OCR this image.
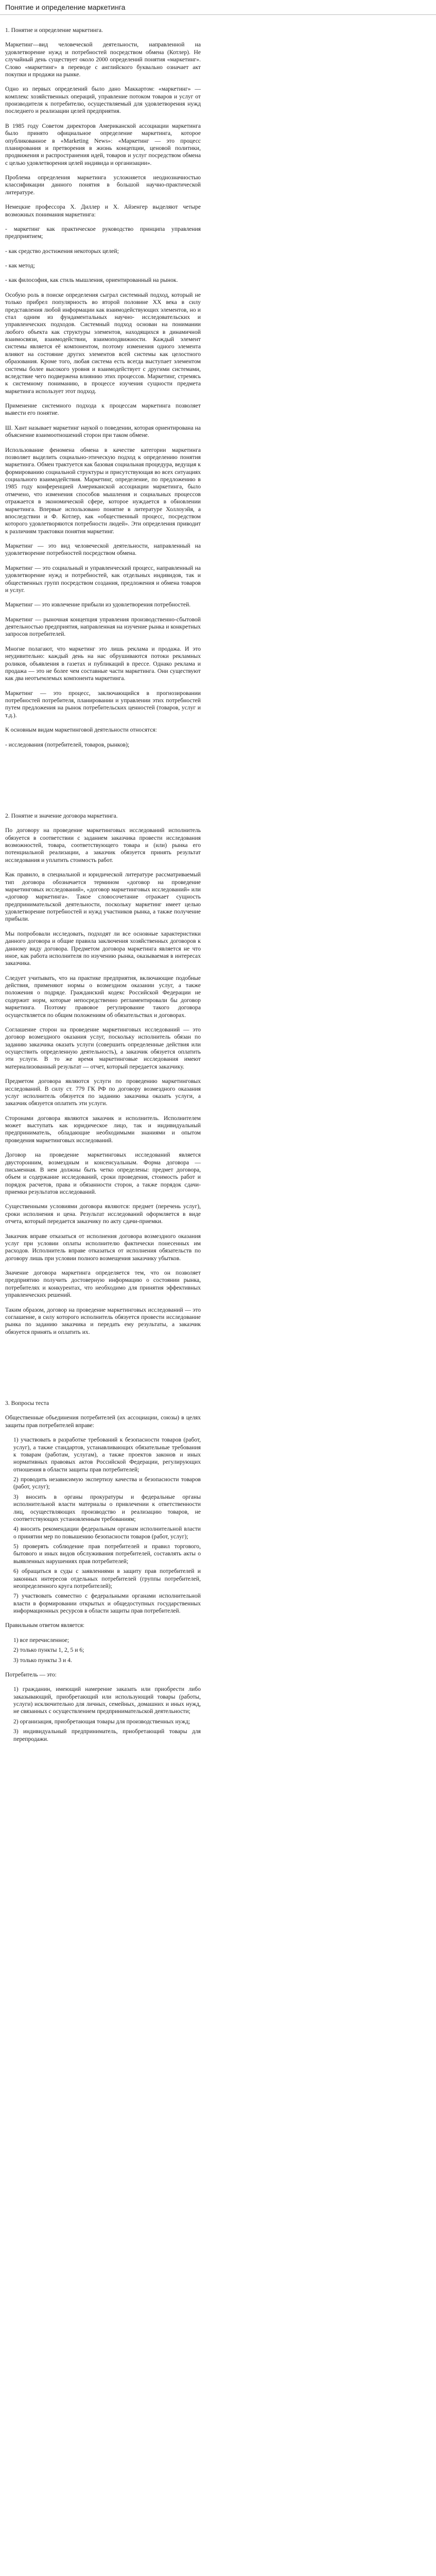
Понятие и определение маркетинга
1. Понятие и определение маркетинга.

Маркетинг—вид человеческой деятельности, направленной на удовлетворение нужд и потребностей посредством обмена (Котлер). Не случайный день существует около 2000 определений понятия «маркетинг». Слово «маркетинг» в переводе с английского буквально означает акт покупки и продажи на рынке.

Одно из первых определений было дано Маккартом: «маркетинг» — комплекс хозяйственных операций, управление потоком товаров и услуг от производителя к потребителю, осуществляемый для удовлетворения нужд последнего и реализации целей предприятия.

В 1985 году Советом директоров Американской ассоциации маркетинга было принято официальное определение маркетинга, которое опубликованное в «Marketing News»: «Маркетинг — это процесс планирования и претворения в жизнь концепции, ценовой политики, продвижения и распространения идей, товаров и услуг посредством обмена с целью удовлетворения целей индивида и организации».

Проблема определения маркетинга усложняется неоднозначностью классификации данного понятия в большой научно-практической литературе.

Немецкие профессора Х. Диллер и Х. Айзенгер выделяют четыре возможных понимания маркетинга:

- маркетинг как практическое руководство принципа управления предприятием;

- как средство достижения некоторых целей;

- как метод;

- как философия, как стиль мышления, ориентированный на рынок.

Особую роль в поиске определения сыграл системный подход, который не только прибрел популярность во второй половине XX века в силу представления любой информации как взаимодействующих элементов, но и стал одним из фундаментальных научно- исследовательских и управленческих подходов. Системный подход основан на понимании любого объекта как структуры элементов, находящихся в динамичной взаимосвязи, взаимодействии, взаимоподвижности. Каждый элемент системы является её компонентом, поэтому изменения одного элемента влияют на состояние других элементов всей системы как целостного образования. Кроме того, любая система есть всегда выступает элементом системы более высокого уровня и взаимодействует с другими системами, вследствие чего подвержена влиянию этих процессов. Маркетинг, стремясь к системному пониманию, в процессе изучения сущности предмета маркетинга использует этот подход.

Применение системного подхода к процессам маркетинга позволяет вывести его понятие.

Ш. Хант называет маркетинг наукой о поведении, которая ориентирована на объяснение взаимоотношений сторон при таком обмене.

Использование феномена обмена в качестве категории маркетинга позволяет выделить социально-этическую подход к определению понятия маркетинга. Обмен трактуется как базовая социальная процедура, ведущая к формированию социальной структуры и присутствующая во всех ситуациях социального взаимодействия. Маркетинг, определение, по предложению в 1985 году конференцией Американской ассоциации маркетинга, было отмечено, что изменения способов мышления и социальных процессов отражается в экономической сфере, которое нуждается в обновлении маркетинга. Впервые использовано понятие в литературе Холлоуэйя, а впоследствии и Ф. Котлер, как «общественный процесс, посредством которого удовлетворяются потребности людей». Эти определения приводит к различиям трактовки понятия маркетинг.

Маркетинг — это вид человеческой деятельности, направленный на удовлетворение потребностей посредством обмена.

Маркетинг — это социальный и управленческий процесс, направленный на удовлетворение нужд и потребностей, как отдельных индивидов, так и общественных групп посредством создания, предложения и обмена товаров и услуг.

Маркетинг — это извлечение прибыли из удовлетворения потребностей.

Маркетинг — рыночная концепция управления производственно-сбытовой деятельностью предприятия, направленная на изучение рынка и конкретных запросов потребителей.

Многие полагают, что маркетинг это лишь реклама и продажа. И это неудивительно: каждый день на нас обрушиваются потоки рекламных роликов, объявления в газетах и публикаций в прессе. Однако реклама и продажа — это не более чем составные части маркетинга. Они существуют как два неотъемлемых компонента маркетинга.

Маркетинг — это процесс, заключающийся в прогнозировании потребностей потребителя, планировании и управлении этих потребностей путем предложения на рынок потребительских ценностей (товаров, услуг и т.д.).

К основным видам маркетинговой деятельности относятся:

- исследования (потребителей, товаров, рынков);

2. Понятие и значение договора маркетинга.

По договору на проведение маркетинговых исследований исполнитель обязуется в соответствии с заданием заказчика провести исследования возможностей, товара, соответствующего товара и (или) рынка его потенциальной реализации, а заказчик обязуется принять результат исследования и уплатить стоимость работ.

Как правило, в специальной и юридической литературе рассматриваемый тип договора обозначается термином «договор на проведение маркетинговых исследований», «договор маркетинговых исследований» или «договор маркетинга». Такое словосочетание отражает сущность предпринимательской деятельности, поскольку маркетинг имеет целью удовлетворение потребностей и нужд участников рынка, а также получение прибыли.

Мы попробовали исследовать, подходят ли все основные характеристики данного договора и общие правила заключения хозяйственных договоров к данному виду договора. Предметом договора маркетинга является не что иное, как работа исполнителя по изучению рынка, оказываемая в интересах заказчика.

Следует учитывать, что на практике предприятия, включающие подобные действия, применяют нормы о возмездном оказании услуг, а также положения о подряде. Гражданский кодекс Российской Федерации не содержит норм, которые непосредственно регламентировали бы договор маркетинга. Поэтому правовое регулирование такого договора осуществляется по общим положениям об обязательствах и договорах.

Соглашение сторон на проведение маркетинговых исследований — это договор возмездного оказания услуг, поскольку исполнитель обязан по заданию заказчика оказать услуги (совершить определенные действия или осуществить определенную деятельность), а заказчик обязуется оплатить эти услуги. В то же время маркетинговые исследования имеют материализованный результат — отчет, который передается заказчику.

Предметом договора являются услуги по проведению маркетинговых исследований. В силу ст. 779 ГК РФ по договору возмездного оказания услуг исполнитель обязуется по заданию заказчика оказать услуги, а заказчик обязуется оплатить эти услуги.

Сторонами договора являются заказчик и исполнитель. Исполнителем может выступать как юридическое лицо, так и индивидуальный предприниматель, обладающие необходимыми знаниями и опытом проведения маркетинговых исследований.

Договор на проведение маркетинговых исследований является двусторонним, возмездным и консенсуальным. Форма договора — письменная. В нем должны быть четко определены: предмет договора, объем и содержание исследований, сроки проведения, стоимость работ и порядок расчетов, права и обязанности сторон, а также порядок сдачи-приемки результатов исследований.

Существенными условиями договора являются: предмет (перечень услуг), сроки исполнения и цена. Результат исследований оформляется в виде отчета, который передается заказчику по акту сдачи-приемки.

Заказчик вправе отказаться от исполнения договора возмездного оказания услуг при условии оплаты исполнителю фактически понесенных им расходов. Исполнитель вправе отказаться от исполнения обязательств по договору лишь при условии полного возмещения заказчику убытков.

Значение договора маркетинга определяется тем, что он позволяет предприятию получить достоверную информацию о состоянии рынка, потребителях и конкурентах, что необходимо для принятия эффективных управленческих решений.

Таким образом, договор на проведение маркетинговых исследований — это соглашение, в силу которого исполнитель обязуется провести исследование рынка по заданию заказчика и передать ему результаты, а заказчик обязуется принять и оплатить их.

3. Вопросы теста

Общественные объединения потребителей (их ассоциации, союзы) в целях защиты прав потребителей вправе:

1) участвовать в разработке требований к безопасности товаров (работ, услуг), а также стандартов, устанавливающих обязательные требования к товарам (работам, услугам), а также проектов законов и иных нормативных правовых актов Российской Федерации, регулирующих отношения в области защиты прав потребителей;
2) проводить независимую экспертизу качества и безопасности товаров (работ, услуг);
3) вносить в органы прокуратуры и федеральные органы исполнительной власти материалы о привлечении к ответственности лиц, осуществляющих производство и реализацию товаров, не соответствующих установленным требованиям;
4) вносить рекомендации федеральным органам исполнительной власти о принятии мер по повышению безопасности товаров (работ, услуг);
5) проверять соблюдение прав потребителей и правил торгового, бытового и иных видов обслуживания потребителей, составлять акты о выявленных нарушениях прав потребителей;
6) обращаться в суды с заявлениями в защиту прав потребителей и законных интересов отдельных потребителей (группы потребителей, неопределенного круга потребителей);
7) участвовать совместно с федеральными органами исполнительной власти в формировании открытых и общедоступных государственных информационных ресурсов в области защиты прав потребителей.

Правильным ответом является:

1) все перечисленное;
2) только пункты 1, 2, 5 и 6;
3) только пункты 3 и 4.

Потребитель — это:

1) гражданин, имеющий намерение заказать или приобрести либо заказывающий, приобретающий или использующий товары (работы, услуги) исключительно для личных, семейных, домашних и иных нужд, не связанных с осуществлением предпринимательской деятельности;
2) организация, приобретающая товары для производственных нужд;
3) индивидуальный предприниматель, приобретающий товары для перепродажи.
